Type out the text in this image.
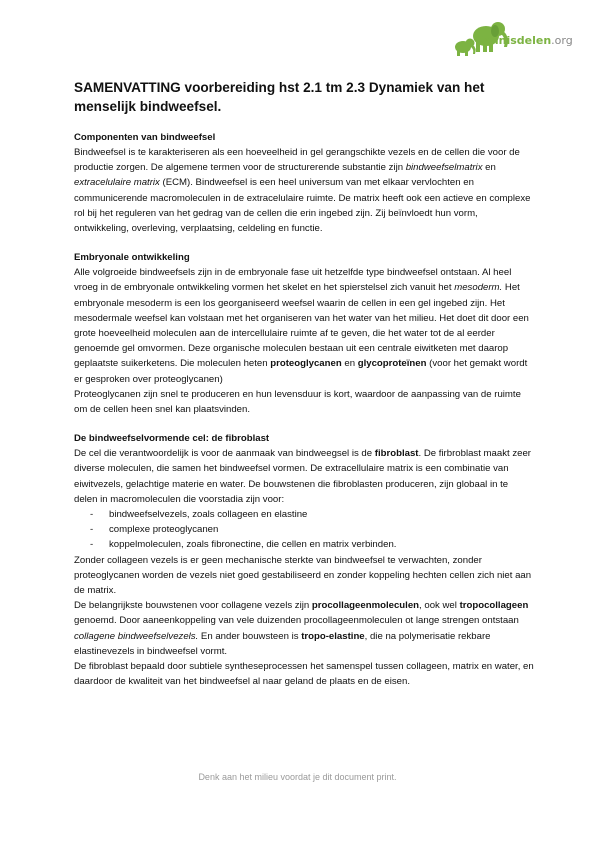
Kennisdelen.org
SAMENVATTING voorbereiding hst 2.1 tm 2.3 Dynamiek van het menselijk bindweefsel.
Componenten van bindweefsel
Bindweefsel is te karakteriseren als een hoeveelheid in gel gerangschikte vezels en de cellen die voor de productie zorgen. De algemene termen voor de structurerende substantie zijn bindweefselmatrix en extracelulaire matrix (ECM). Bindweefsel is een heel universum van met elkaar vervlochten en communicerende macromoleculen in de extracelulaire ruimte. De matrix heeft ook een actieve en complexe rol bij het reguleren van het gedrag van de cellen die erin ingebed zijn. Zij beïnvloedt hun vorm, ontwikkeling, overleving, verplaatsing, celdeling en functie.
Embryonale ontwikkeling
Alle volgroeide bindweefsels zijn in de embryonale fase uit hetzelfde type bindweefsel ontstaan. Al heel vroeg in de embryonale ontwikkeling vormen het skelet en het spierstelsel zich vanuit het mesoderm. Het embryonale mesoderm is een los georganiseerd weefsel waarin de cellen in een gel ingebed zijn. Het mesodermale weefsel kan volstaan met het organiseren van het water van het milieu. Het doet dit door een grote hoeveelheid moleculen aan de intercellulaire ruimte af te geven, die het water tot de al eerder genoemde gel omvormen. Deze organische moleculen bestaan uit een centrale eiwitketen met daarop geplaatste suikerketens. Die moleculen heten proteoglycanen en glycoproteïnen (voor het gemakt wordt er gesproken over proteoglycanen)
Proteoglycanen zijn snel te produceren en hun levensduur is kort, waardoor de aanpassing van de ruimte om de cellen heen snel kan plaatsvinden.
De bindweefselvormende cel: de fibroblast
De cel die verantwoordelijk is voor de aanmaak van bindweegsel is de fibroblast. De firbroblast maakt zeer diverse moleculen, die samen het bindweefsel vormen. De extracellulaire matrix is een combinatie van eiwitvezels, gelachtige materie en water. De bouwstenen die fibroblasten produceren, zijn globaal in te delen in macromoleculen die voorstadia zijn voor:
- bindweefselvezels, zoals collageen en elastine
- complexe proteoglycanen
- koppelmoleculen, zoals fibronectine, die cellen en matrix verbinden.
Zonder collageen vezels is er geen mechanische sterkte van bindweefsel te verwachten, zonder proteoglycanen worden de vezels niet goed gestabiliseerd en zonder koppeling hechten cellen zich niet aan de matrix.
De belangrijkste bouwstenen voor collagene vezels zijn procollageenmoleculen, ook wel tropocollageen genoemd. Door aaneenkoppeling van vele duizenden procollageenmoleculen ot lange strengen ontstaan collagene bindweefselvezels. En ander bouwsteen is tropo-elastine, die na polymerisatie rekbare elastinevezels in bindweefsel vormt.
De fibroblast bepaald door subtiele syntheseprocessen het samenspel tussen collageen, matrix en water, en daardoor de kwaliteit van het bindweefsel al naar geland de plaats en de eisen.
Denk aan het milieu voordat je dit document print.
